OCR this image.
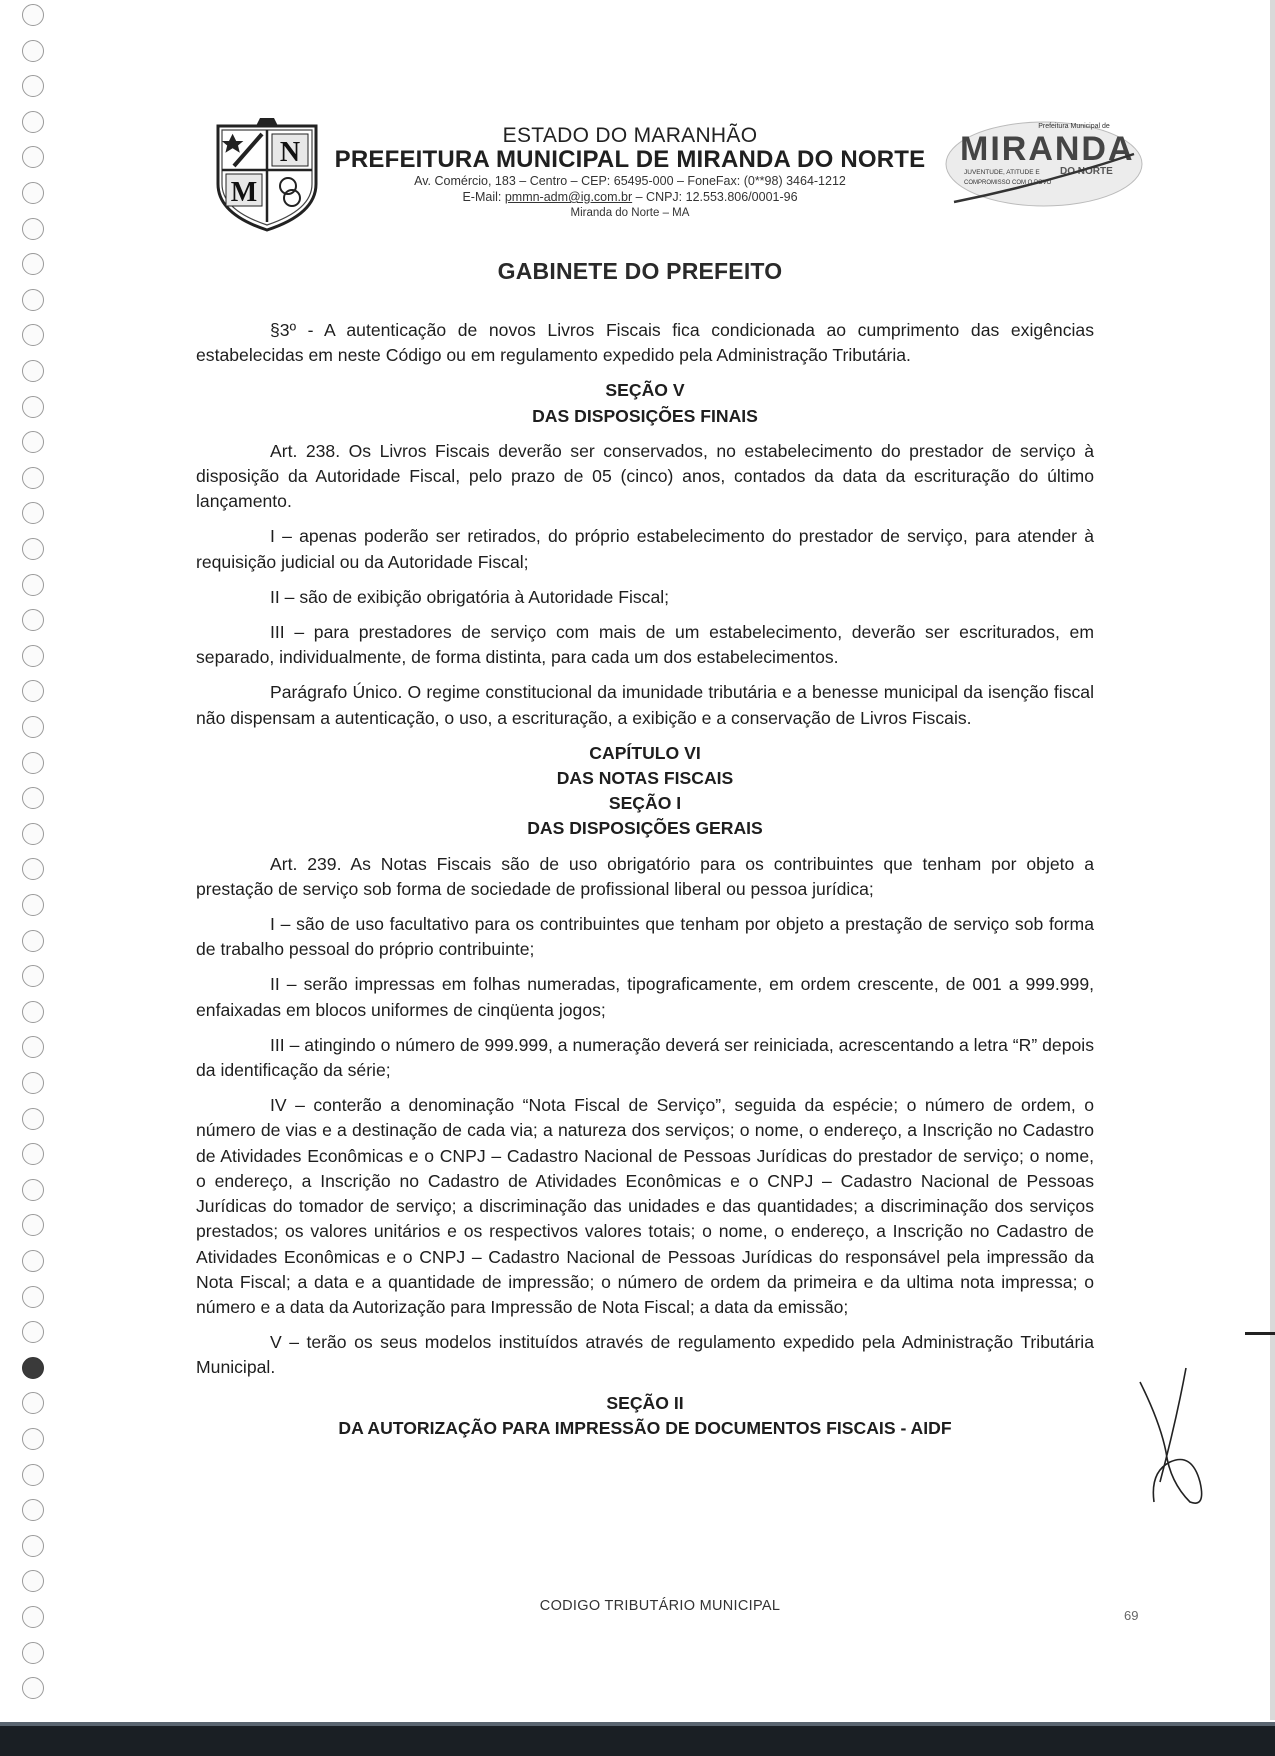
N
M
Prefeitura Municipal de
MIRANDA
JUVENTUDE, ATITUDE E DO NORTE
COMPROMISSO COM O POVO
ESTADO DO MARANHÃO
PREFEITURA MUNICIPAL DE MIRANDA DO NORTE
Av. Comércio, 183 – Centro – CEP: 65495-000 – FoneFax: (0**98) 3464-1212
E-Mail: pmmn-adm@ig.com.br – CNPJ: 12.553.806/0001-96
Miranda do Norte – MA
GABINETE DO PREFEITO

§3º - A autenticação de novos Livros Fiscais fica condicionada ao cumprimento das exigências estabelecidas em neste Código ou em regulamento expedido pela Administração Tributária.

SEÇÃO V
DAS DISPOSIÇÕES FINAIS

Art. 238. Os Livros Fiscais deverão ser conservados, no estabelecimento do prestador de serviço à disposição da Autoridade Fiscal, pelo prazo de 05 (cinco) anos, contados da data da escrituração do último lançamento.

I – apenas poderão ser retirados, do próprio estabelecimento do prestador de serviço, para atender à requisição judicial ou da Autoridade Fiscal;

II – são de exibição obrigatória à Autoridade Fiscal;

III – para prestadores de serviço com mais de um estabelecimento, deverão ser escriturados, em separado, individualmente, de forma distinta, para cada um dos estabelecimentos.

Parágrafo Único. O regime constitucional da imunidade tributária e a benesse municipal da isenção fiscal não dispensam a autenticação, o uso, a escrituração, a exibição e a conservação de Livros Fiscais.

CAPÍTULO VI
DAS NOTAS FISCAIS
SEÇÃO I
DAS DISPOSIÇÕES GERAIS

Art. 239. As Notas Fiscais são de uso obrigatório para os contribuintes que tenham por objeto a prestação de serviço sob forma de sociedade de profissional liberal ou pessoa jurídica;

I – são de uso facultativo para os contribuintes que tenham por objeto a prestação de serviço sob forma de trabalho pessoal do próprio contribuinte;

II – serão impressas em folhas numeradas, tipograficamente, em ordem crescente, de 001 a 999.999, enfaixadas em blocos uniformes de cinqüenta jogos;

III – atingindo o número de 999.999, a numeração deverá ser reiniciada, acrescentando a letra “R” depois da identificação da série;

IV – conterão a denominação “Nota Fiscal de Serviço”, seguida da espécie; o número de ordem, o número de vias e a destinação de cada via; a natureza dos serviços; o nome, o endereço, a Inscrição no Cadastro de Atividades Econômicas e o CNPJ – Cadastro Nacional de Pessoas Jurídicas do prestador de serviço; o nome, o endereço, a Inscrição no Cadastro de Atividades Econômicas e o CNPJ – Cadastro Nacional de Pessoas Jurídicas do tomador de serviço; a discriminação das unidades e das quantidades; a discriminação dos serviços prestados; os valores unitários e os respectivos valores totais; o nome, o endereço, a Inscrição no Cadastro de Atividades Econômicas e o CNPJ – Cadastro Nacional de Pessoas Jurídicas do responsável pela impressão da Nota Fiscal; a data e a quantidade de impressão; o número de ordem da primeira e da ultima nota impressa; o número e a data da Autorização para Impressão de Nota Fiscal; a data da emissão;

V – terão os seus modelos instituídos através de regulamento expedido pela Administração Tributária Municipal.

SEÇÃO II
DA AUTORIZAÇÃO PARA IMPRESSÃO DE DOCUMENTOS FISCAIS - AIDF
CODIGO TRIBUTÁRIO MUNICIPAL
69
